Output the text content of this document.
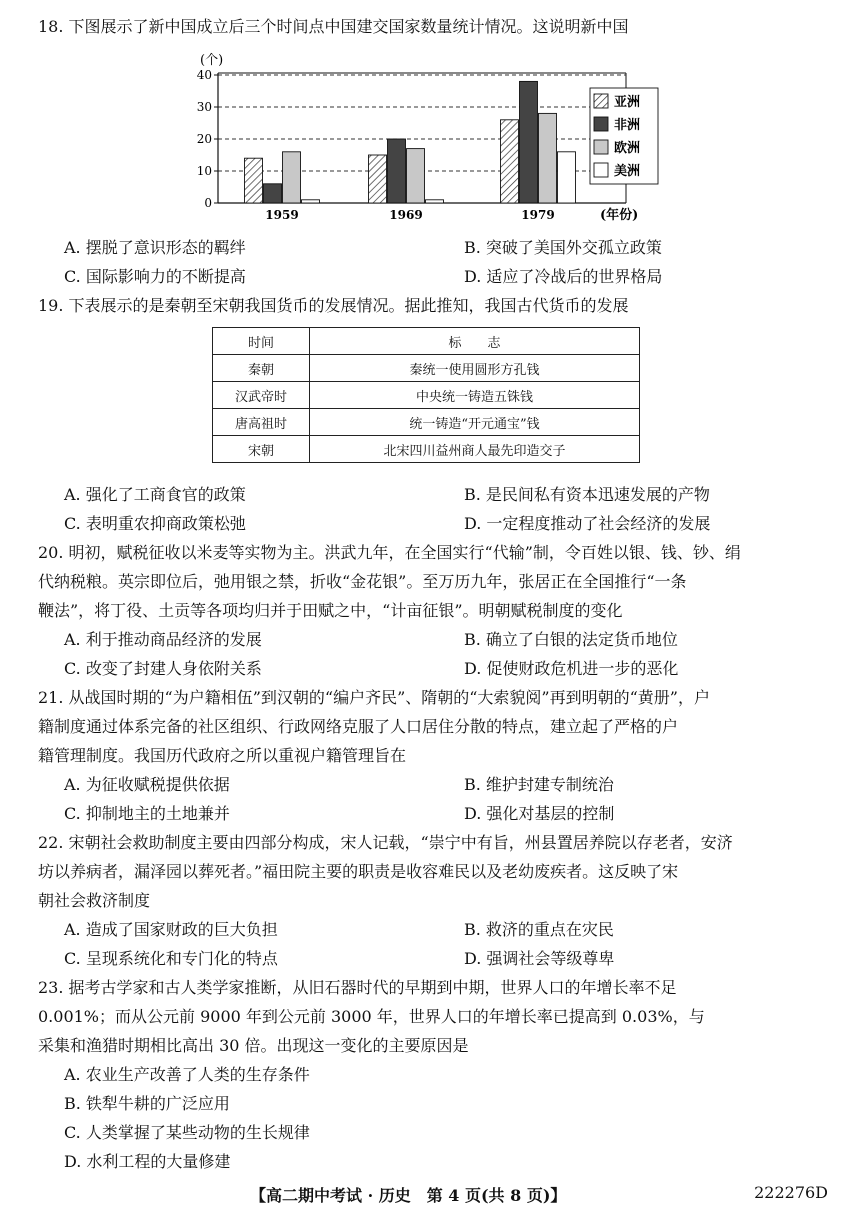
18. 下图展示了新中国成立后三个时间点中国建交国家数量统计情况。这说明新中国
0
10
20
30
40
(个)
1959	1969	1979	(年份)
亚洲
非洲
欧洲
美洲
A. 摆脱了意识形态的羁绊	B. 突破了美国外交孤立政策
C. 国际影响力的不断提高	D. 适应了冷战后的世界格局
19. 下表展示的是秦朝至宋朝我国货币的发展情况。据此推知，我国古代货币的发展
时间	标　　志
秦朝	秦统一使用圆形方孔钱
汉武帝时	中央统一铸造五铢钱
唐高祖时	统一铸造“开元通宝”钱
宋朝	北宋四川益州商人最先印造交子
A. 强化了工商食官的政策	B. 是民间私有资本迅速发展的产物
C. 表明重农抑商政策松弛	D. 一定程度推动了社会经济的发展
20. 明初，赋税征收以米麦等实物为主。洪武九年，在全国实行“代输”制，令百姓以银、钱、钞、绢
代纳税粮。英宗即位后，弛用银之禁，折收“金花银”。至万历九年，张居正在全国推行“一条
鞭法”，将丁役、土贡等各项均归并于田赋之中，“计亩征银”。明朝赋税制度的变化
A. 利于推动商品经济的发展	B. 确立了白银的法定货币地位
C. 改变了封建人身依附关系	D. 促使财政危机进一步的恶化
21. 从战国时期的“为户籍相伍”到汉朝的“编户齐民”、隋朝的“大索貌阅”再到明朝的“黄册”，户
籍制度通过体系完备的社区组织、行政网络克服了人口居住分散的特点，建立起了严格的户
籍管理制度。我国历代政府之所以重视户籍管理旨在
A. 为征收赋税提供依据	B. 维护封建专制统治
C. 抑制地主的土地兼并	D. 强化对基层的控制
22. 宋朝社会救助制度主要由四部分构成，宋人记载，“崇宁中有旨，州县置居养院以存老者，安济
坊以养病者，漏泽园以葬死者。”福田院主要的职责是收容难民以及老幼废疾者。这反映了宋
朝社会救济制度
A. 造成了国家财政的巨大负担	B. 救济的重点在灾民
C. 呈现系统化和专门化的特点	D. 强调社会等级尊卑
23. 据考古学家和古人类学家推断，从旧石器时代的早期到中期，世界人口的年增长率不足
0.001%；而从公元前 9000 年到公元前 3000 年，世界人口的年增长率已提高到 0.03%，与
采集和渔猎时期相比高出 30 倍。出现这一变化的主要原因是
A. 农业生产改善了人类的生存条件
B. 铁犁牛耕的广泛应用
C. 人类掌握了某些动物的生长规律
D. 水利工程的大量修建
【高二期中考试 · 历史　第 4 页(共 8 页)】	222276D
